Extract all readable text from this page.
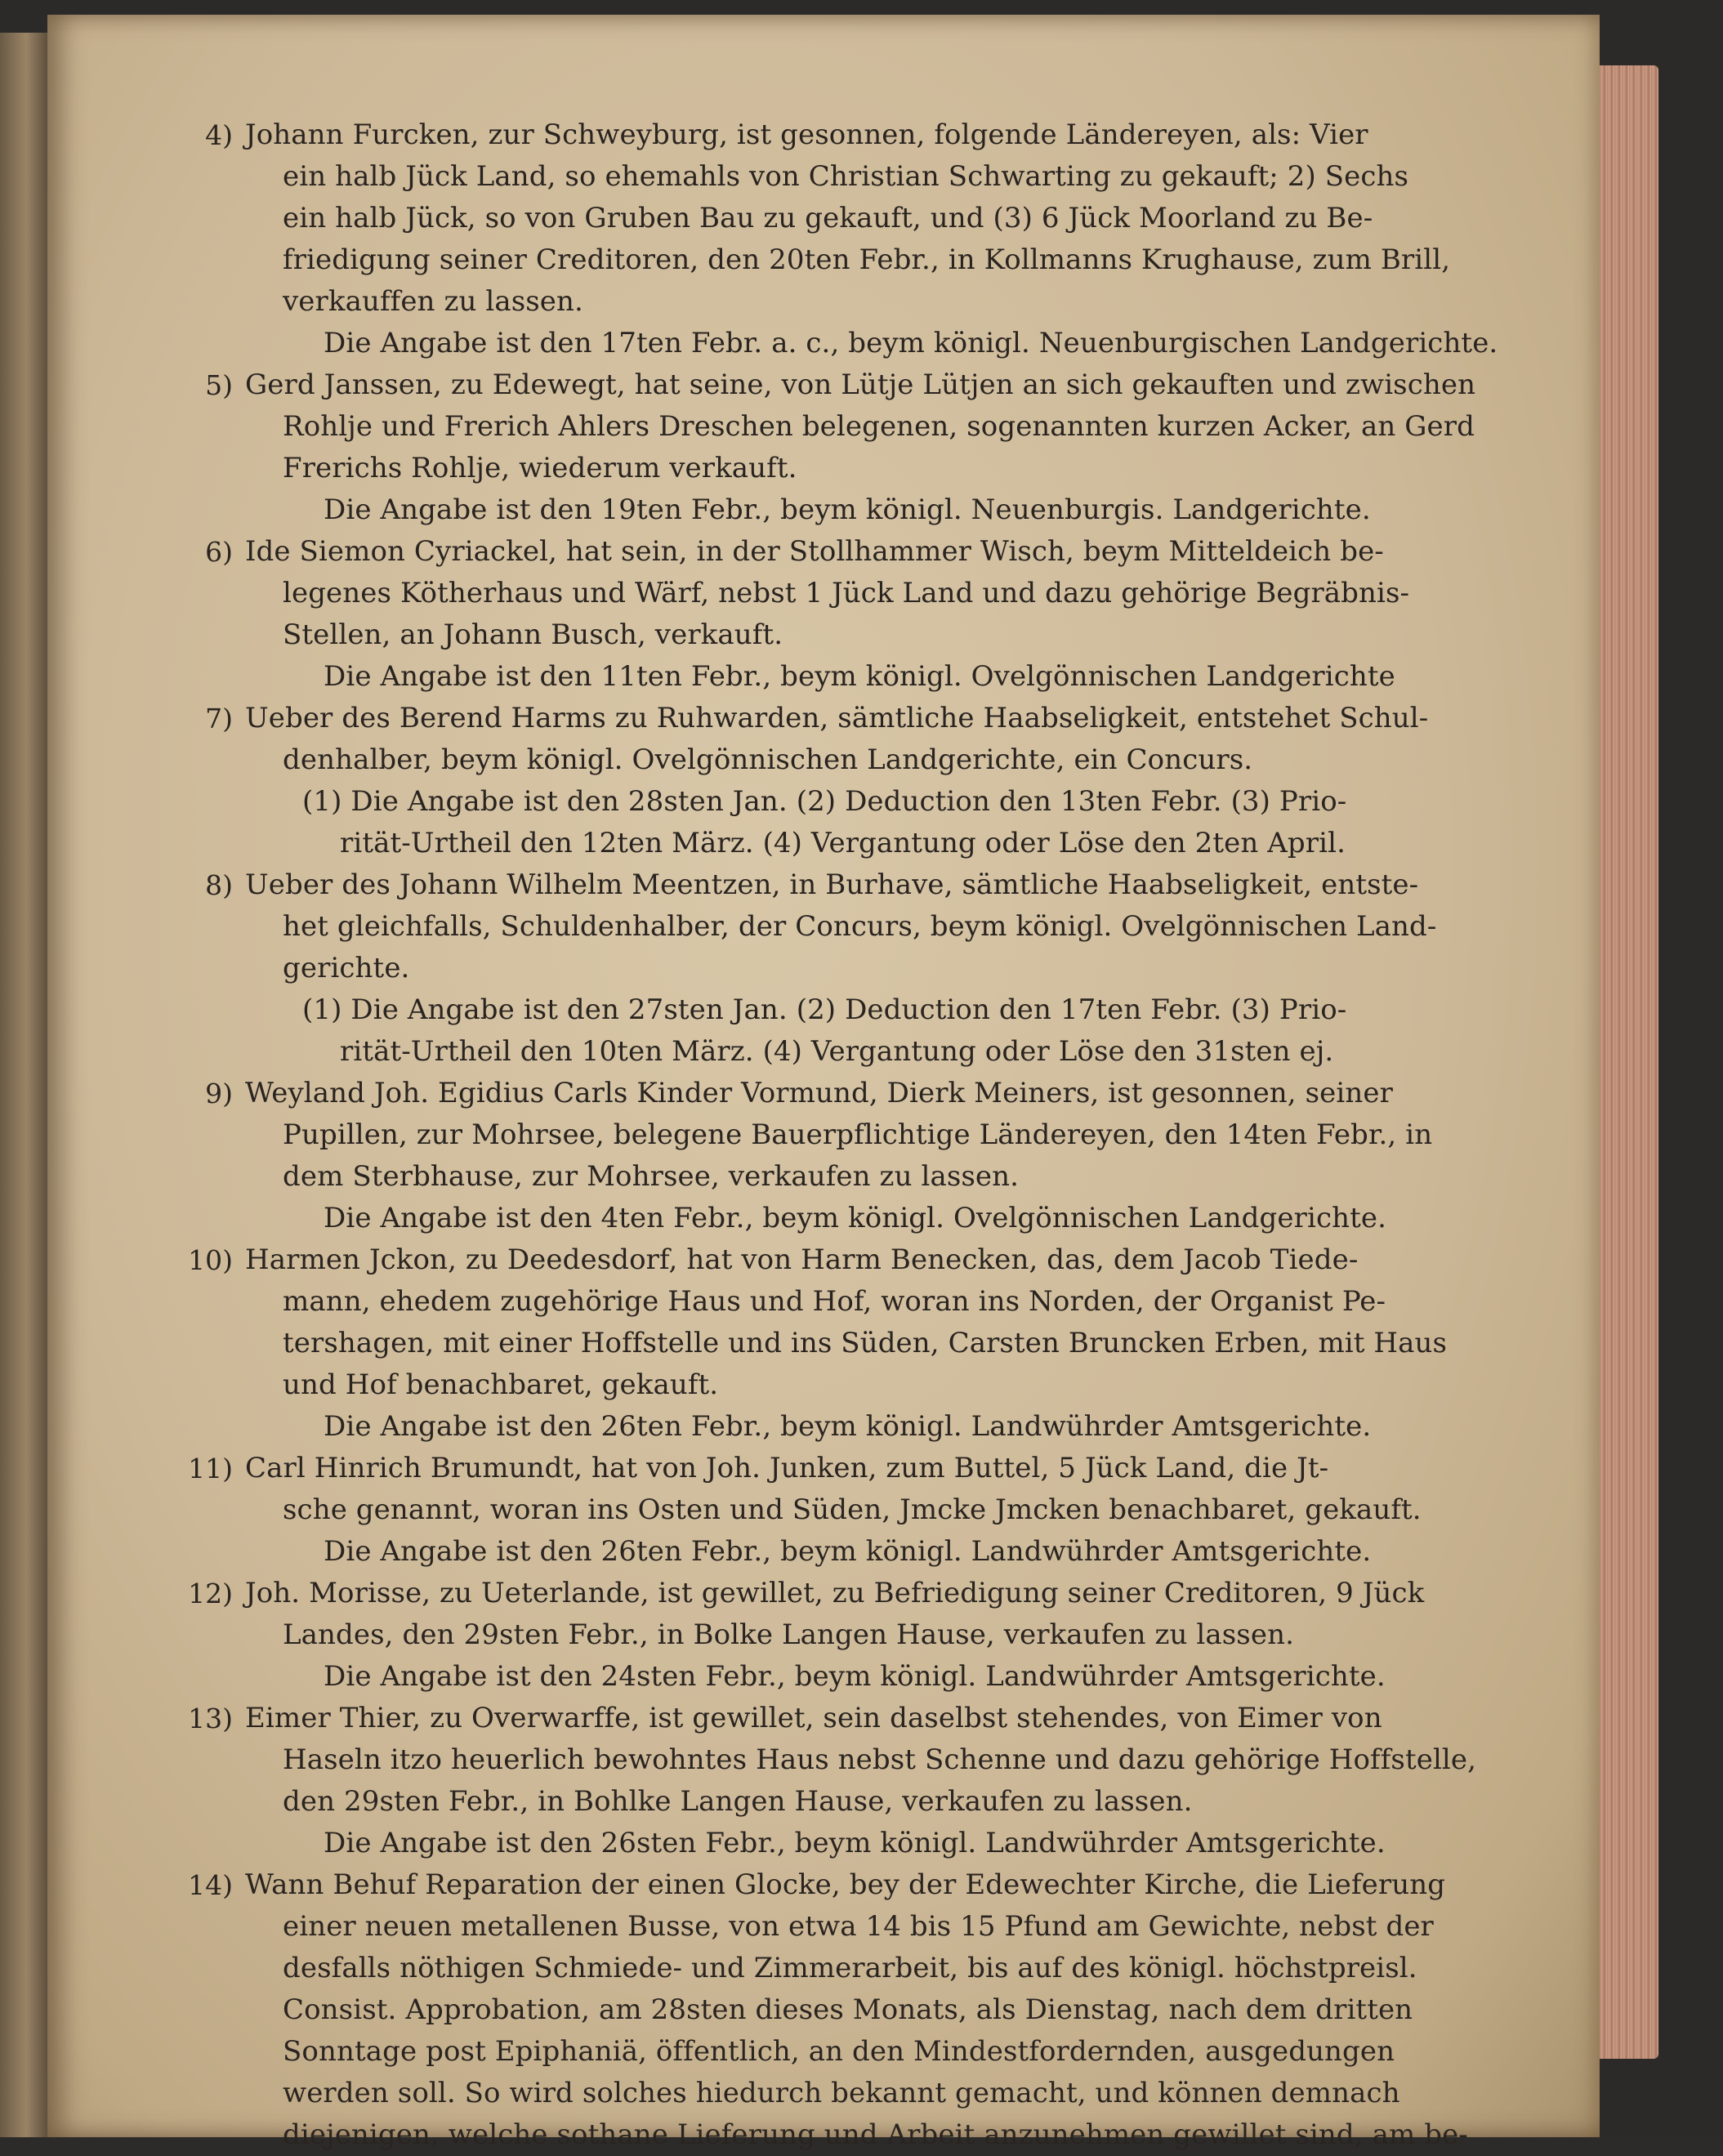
4) Johann Furcken, zur Schweyburg, ist gesonnen, folgende Ländereyen, als: Vier
ein halb Jück Land, so ehemahls von Christian Schwarting zu gekauft; 2) Sechs
ein halb Jück, so von Gruben Bau zu gekauft, und (3) 6 Jück Moorland zu Be-
friedigung seiner Creditoren, den 20ten Febr., in Kollmanns Krughause, zum Brill,
verkauffen zu lassen.
Die Angabe ist den 17ten Febr. a. c., beym königl. Neuenburgischen Landgerichte.
5) Gerd Janssen, zu Edewegt, hat seine, von Lütje Lütjen an sich gekauften und zwischen
Rohlje und Frerich Ahlers Dreschen belegenen, sogenannten kurzen Acker, an Gerd
Frerichs Rohlje, wiederum verkauft.
Die Angabe ist den 19ten Febr., beym königl. Neuenburgis. Landgerichte.
6) Ide Siemon Cyriackel, hat sein, in der Stollhammer Wisch, beym Mitteldeich be-
legenes Kötherhaus und Wärf, nebst 1 Jück Land und dazu gehörige Begräbnis-
Stellen, an Johann Busch, verkauft.
Die Angabe ist den 11ten Febr., beym königl. Ovelgönnischen Landgerichte
7) Ueber des Berend Harms zu Ruhwarden, sämtliche Haabseligkeit, entstehet Schul-
denhalber, beym königl. Ovelgönnischen Landgerichte, ein Concurs.
(1) Die Angabe ist den 28sten Jan. (2) Deduction den 13ten Febr. (3) Prio-
rität-Urtheil den 12ten März. (4) Vergantung oder Löse den 2ten April.
8) Ueber des Johann Wilhelm Meentzen, in Burhave, sämtliche Haabseligkeit, entste-
het gleichfalls, Schuldenhalber, der Concurs, beym königl. Ovelgönnischen Land-
gerichte.
(1) Die Angabe ist den 27sten Jan. (2) Deduction den 17ten Febr. (3) Prio-
rität-Urtheil den 10ten März. (4) Vergantung oder Löse den 31sten ej.
9) Weyland Joh. Egidius Carls Kinder Vormund, Dierk Meiners, ist gesonnen, seiner
Pupillen, zur Mohrsee, belegene Bauerpflichtige Ländereyen, den 14ten Febr., in
dem Sterbhause, zur Mohrsee, verkaufen zu lassen.
Die Angabe ist den 4ten Febr., beym königl. Ovelgönnischen Landgerichte.
10) Harmen Jckon, zu Deedesdorf, hat von Harm Benecken, das, dem Jacob Tiede-
mann, ehedem zugehörige Haus und Hof, woran ins Norden, der Organist Pe-
tershagen, mit einer Hoffstelle und ins Süden, Carsten Bruncken Erben, mit Haus
und Hof benachbaret, gekauft.
Die Angabe ist den 26ten Febr., beym königl. Landwührder Amtsgerichte.
11) Carl Hinrich Brumundt, hat von Joh. Junken, zum Buttel, 5 Jück Land, die Jt-
sche genannt, woran ins Osten und Süden, Jmcke Jmcken benachbaret, gekauft.
Die Angabe ist den 26ten Febr., beym königl. Landwührder Amtsgerichte.
12) Joh. Morisse, zu Ueterlande, ist gewillet, zu Befriedigung seiner Creditoren, 9 Jück
Landes, den 29sten Febr., in Bolke Langen Hause, verkaufen zu lassen.
Die Angabe ist den 24sten Febr., beym königl. Landwührder Amtsgerichte.
13) Eimer Thier, zu Overwarffe, ist gewillet, sein daselbst stehendes, von Eimer von
Haseln itzo heuerlich bewohntes Haus nebst Schenne und dazu gehörige Hoffstelle,
den 29sten Febr., in Bohlke Langen Hause, verkaufen zu lassen.
Die Angabe ist den 26sten Febr., beym königl. Landwührder Amtsgerichte.
14) Wann Behuf Reparation der einen Glocke, bey der Edewechter Kirche, die Lieferung
einer neuen metallenen Busse, von etwa 14 bis 15 Pfund am Gewichte, nebst der
desfalls nöthigen Schmiede- und Zimmerarbeit, bis auf des königl. höchstpreisl.
Consist. Approbation, am 28sten dieses Monats, als Dienstag, nach dem dritten
Sonntage post Epiphaniä, öffentlich, an den Mindestfordernden, ausgedungen
werden soll. So wird solches hiedurch bekannt gemacht, und können demnach
diejenigen, welche sothane Lieferung und Arbeit anzunehmen gewillet sind, am be-
